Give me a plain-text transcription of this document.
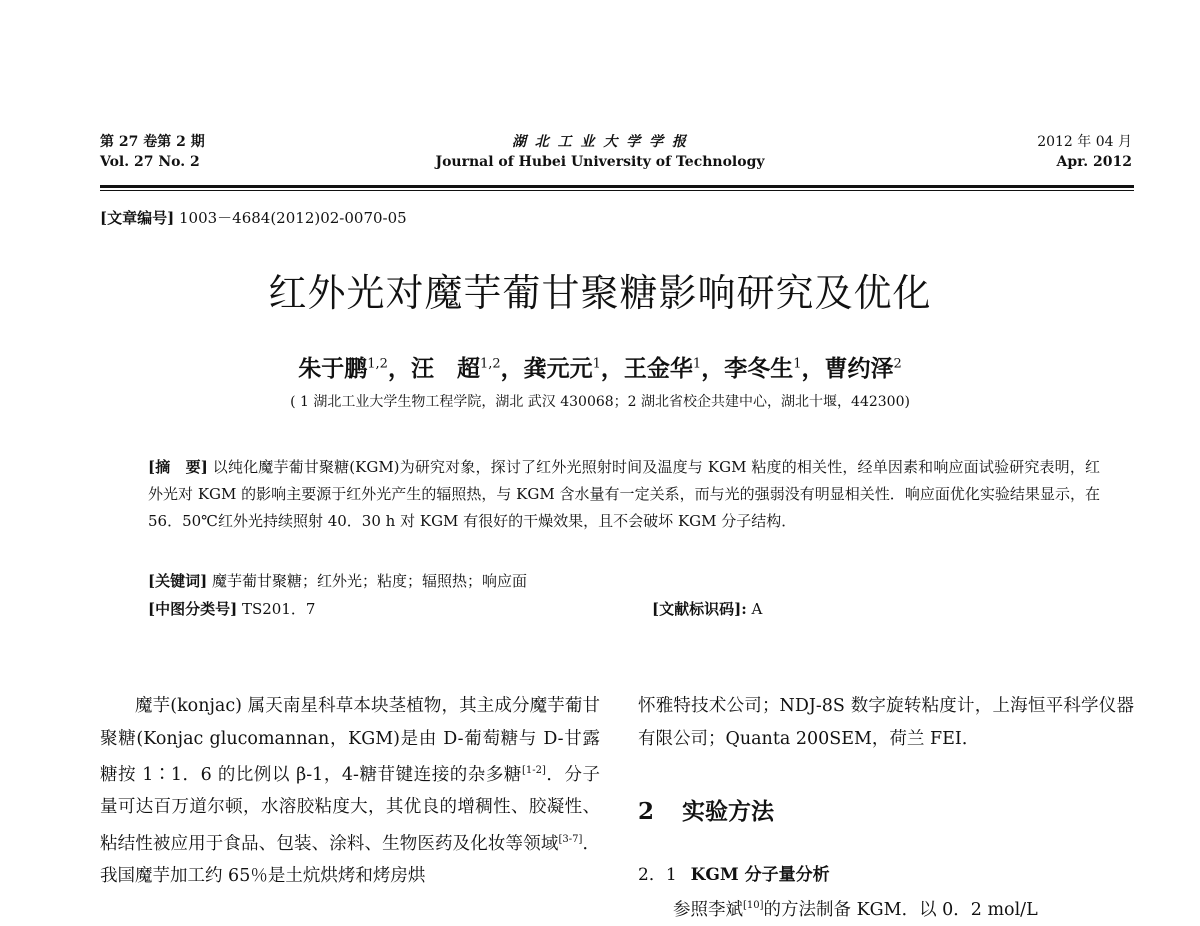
第 27 卷第 2 期
Vol. 27 No. 2
湖 北 工 业 大 学 学 报
Journal of Hubei University of Technology
2012 年 04 月
Apr. 2012
[文章编号] 1003－4684(2012)02-0070-05
红外光对魔芋葡甘聚糖影响研究及优化
朱于鹏$^{1,2}$，汪　超$^{1,2}$，龚元元$^1$，王金华$^1$，李冬生$^1$，曹约泽$^2$
( 1 湖北工业大学生物工程学院，湖北 武汉 430068；2 湖北省校企共建中心，湖北十堰，442300)
[摘　要] 以纯化魔芋葡甘聚糖(KGM)为研究对象，探讨了红外光照射时间及温度与 KGM 粘度的相关性，经单因素和响应面试验研究表明，红外光对 KGM 的影响主要源于红外光产生的辐照热，与 KGM 含水量有一定关系，而与光的强弱没有明显相关性．响应面优化实验结果显示，在 56．50℃红外光持续照射 40．30 h 对 KGM 有很好的干燥效果，且不会破坏 KGM 分子结构．
[关键词] 魔芋葡甘聚糖；红外光；粘度；辐照热；响应面
[中图分类号] TS201．7	[文献标识码]: A
魔芋(konjac) 属天南星科草本块茎植物，其主成分魔芋葡甘聚糖(Konjac glucomannan，KGM)是由 D-葡萄糖与 D-甘露糖按 1∶1．6 的比例以 β-1，4-糖苷键连接的杂多糖[1-2]．分子量可达百万道尔顿，水溶胶粘度大，其优良的增稠性、胶凝性、粘结性被应用于食品、包装、涂料、生物医药及化妆等领域[3-7]．我国魔芋加工约 65％是土炕烘烤和烤房烘
怀雅特技术公司；NDJ-8S 数字旋转粘度计，上海恒平科学仪器有限公司；Quanta 200SEM，荷兰 FEI．
2 实验方法
2．1 KGM 分子量分析
参照李斌[10]的方法制备 KGM．以 0．2 mol/L
